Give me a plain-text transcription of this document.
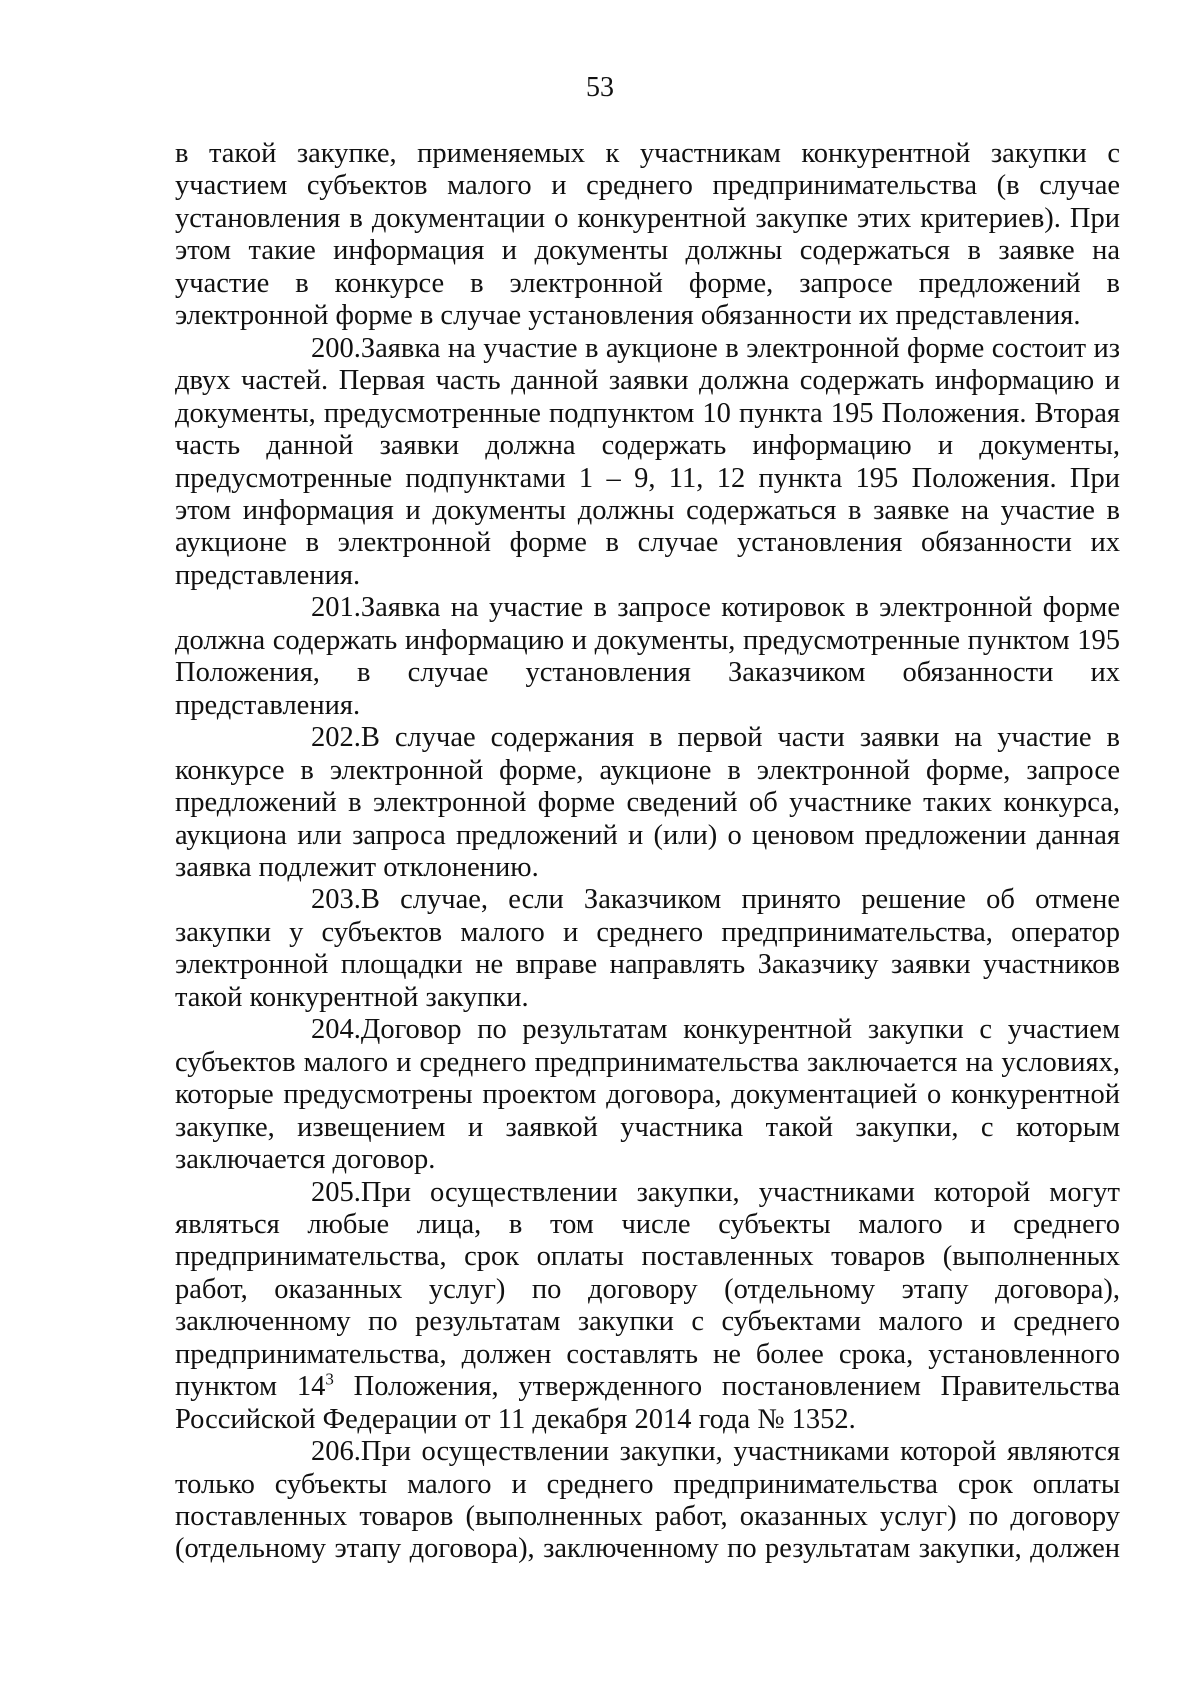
53

в такой закупке, применяемых к участникам конкурентной закупки с участием субъектов малого и среднего предпринимательства (в случае установления в документации о конкурентной закупке этих критериев). При этом такие информация и документы должны содержаться в заявке на участие в конкурсе в электронной форме, запросе предложений в электронной форме в случае установления обязанности их представления.

200.Заявка на участие в аукционе в электронной форме состоит из двух частей. Первая часть данной заявки должна содержать информацию и документы, предусмотренные подпунктом 10 пункта 195 Положения. Вторая часть данной заявки должна содержать информацию и документы, предусмотренные подпунктами 1 – 9, 11, 12 пункта 195 Положения. При этом информация и документы должны содержаться в заявке на участие в аукционе в электронной форме в случае установления обязанности их представления.

201.Заявка на участие в запросе котировок в электронной форме должна содержать информацию и документы, предусмотренные пунктом 195 Положения, в случае установления Заказчиком обязанности их представления.

202.В случае содержания в первой части заявки на участие в конкурсе в электронной форме, аукционе в электронной форме, запросе предложений в электронной форме сведений об участнике таких конкурса, аукциона или запроса предложений и (или) о ценовом предложении данная заявка подлежит отклонению.

203.В случае, если Заказчиком принято решение об отмене закупки у субъектов малого и среднего предпринимательства, оператор электронной площадки не вправе направлять Заказчику заявки участников такой конкурентной закупки.

204.Договор по результатам конкурентной закупки с участием субъектов малого и среднего предпринимательства заключается на условиях, которые предусмотрены проектом договора, документацией о конкурентной закупке, извещением и заявкой участника такой закупки, с которым заключается договор.

205.При осуществлении закупки, участниками которой могут являться любые лица, в том числе субъекты малого и среднего предпринимательства, срок оплаты поставленных товаров (выполненных работ, оказанных услуг) по договору (отдельному этапу договора), заключенному по результатам закупки с субъектами малого и среднего предпринимательства, должен составлять не более срока, установленного пунктом $14^3$ Положения, утвержденного постановлением Правительства Российской Федерации от 11 декабря 2014 года № 1352.

206.При осуществлении закупки, участниками которой являются только субъекты малого и среднего предпринимательства срок оплаты поставленных товаров (выполненных работ, оказанных услуг) по договору (отдельному этапу договора), заключенному по результатам закупки, должен
